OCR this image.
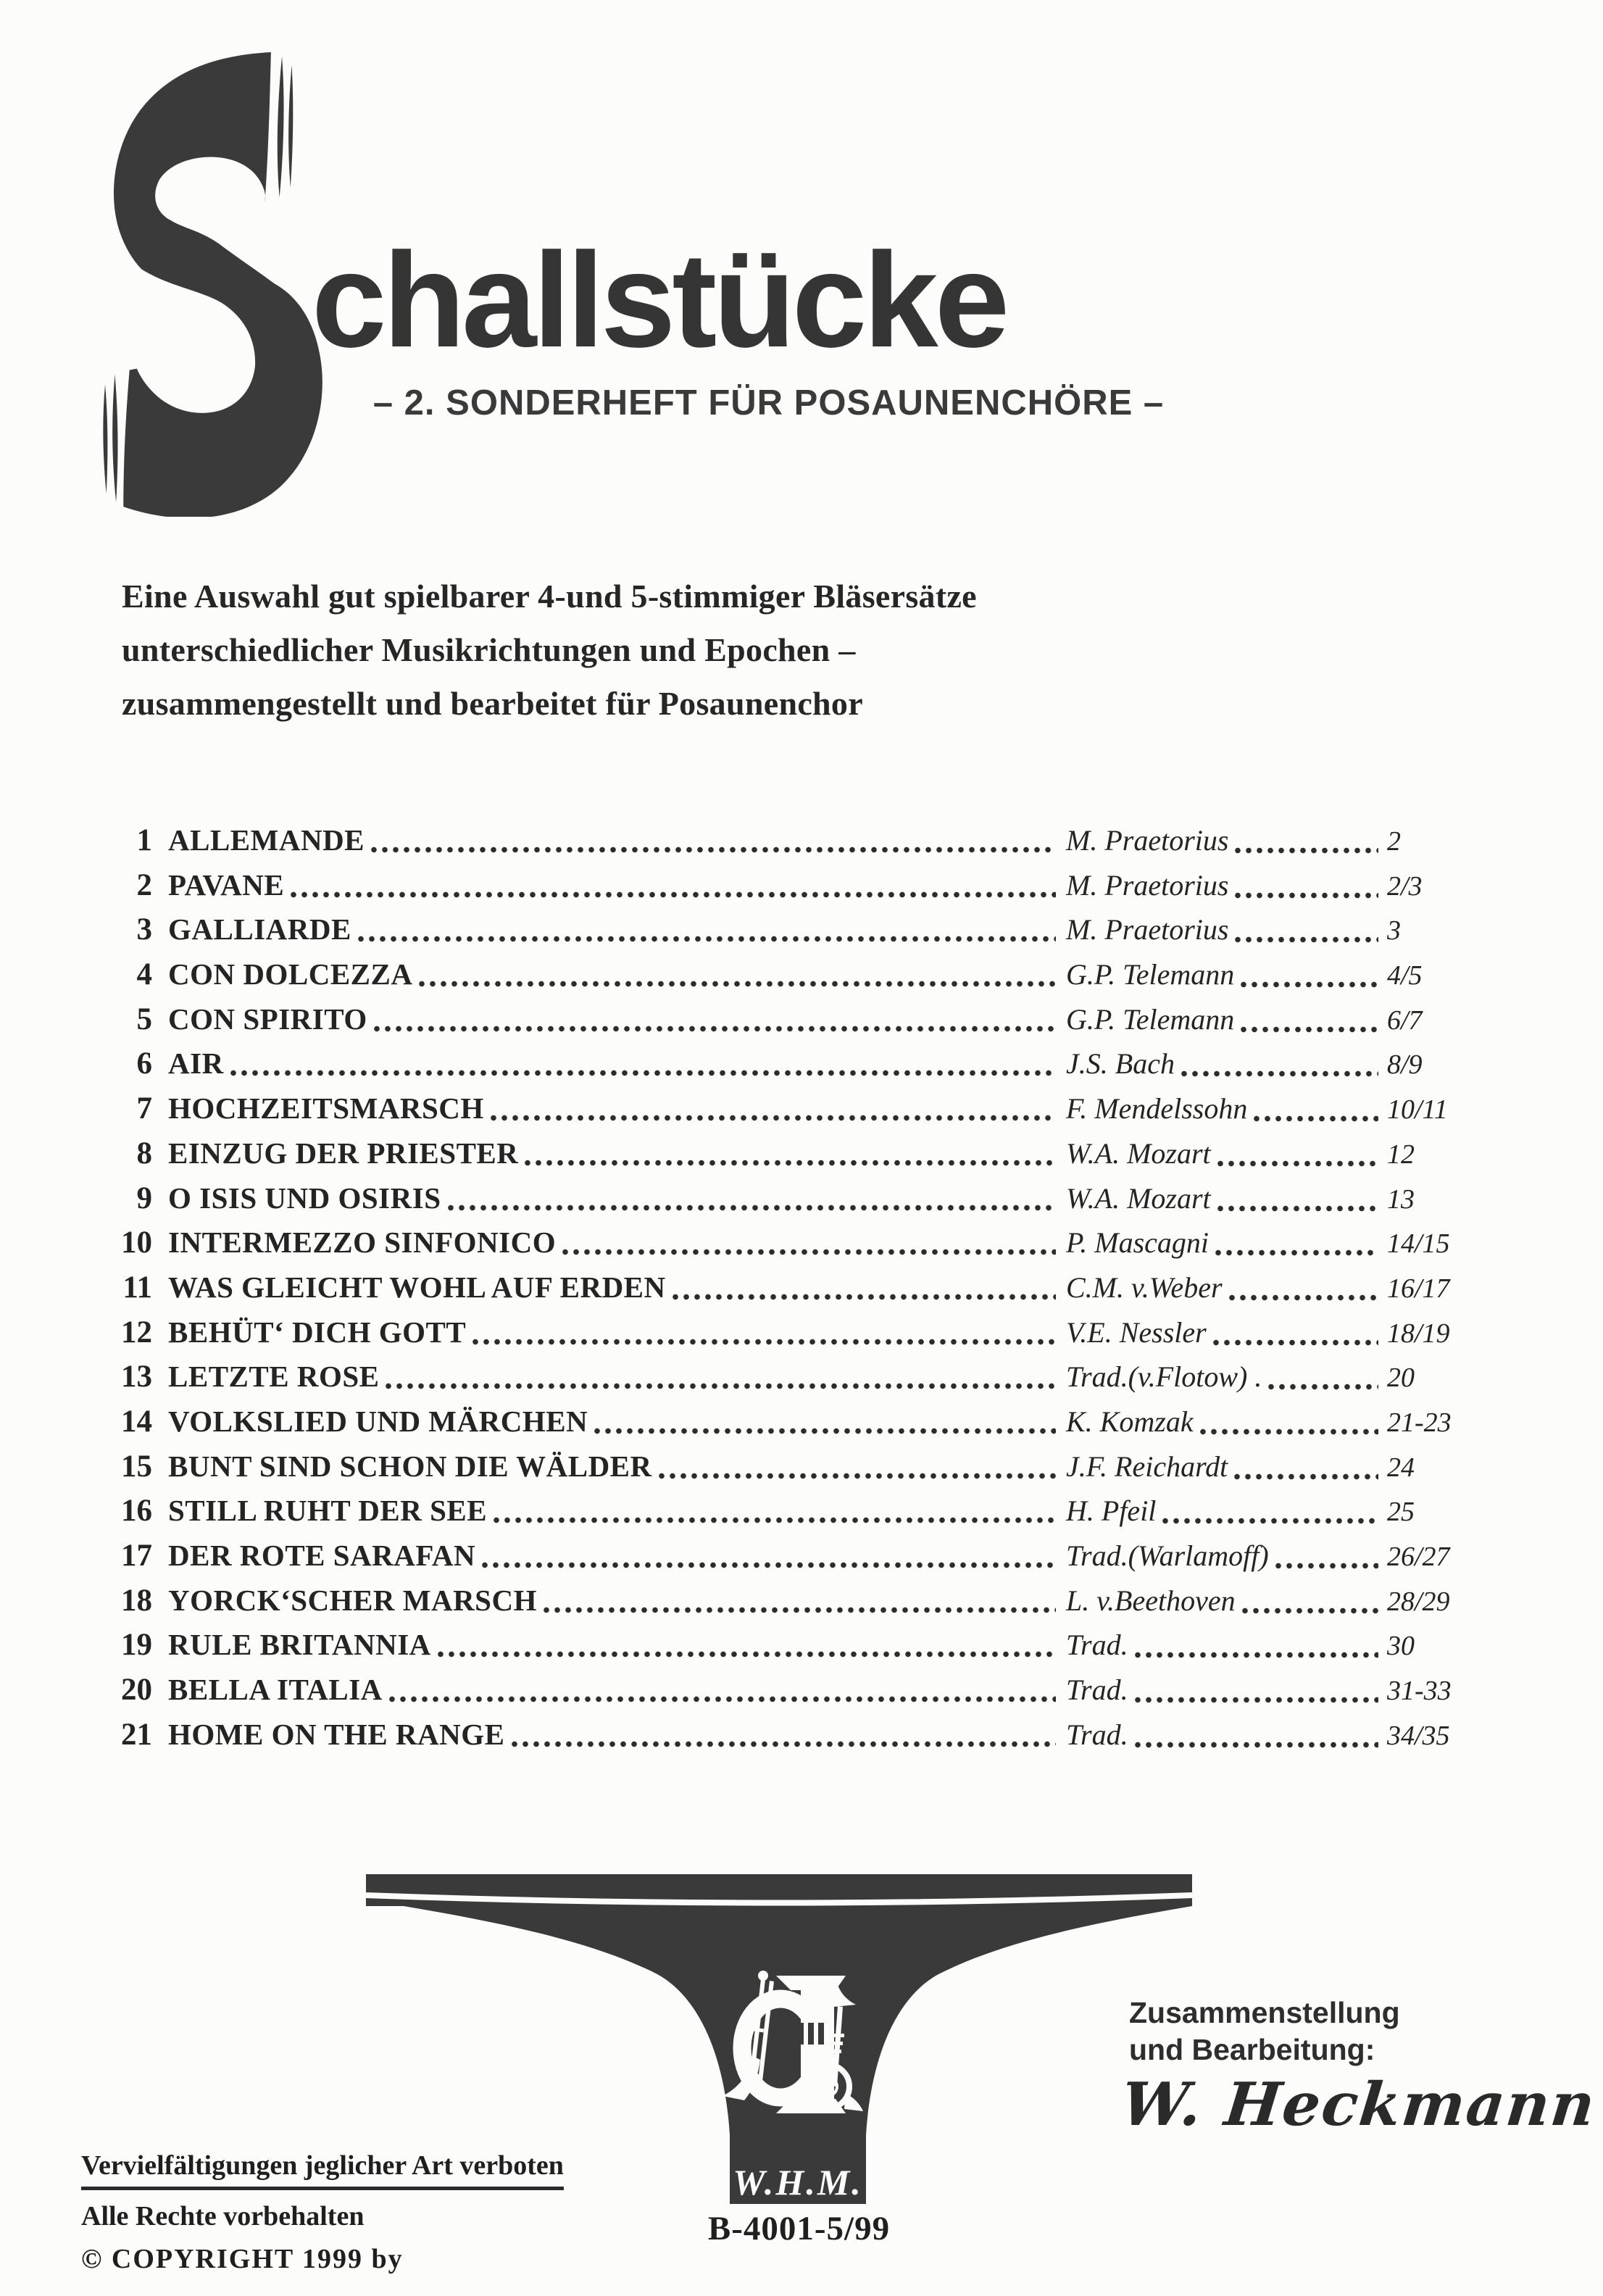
challstücke
– 2. SONDERHEFT FÜR POSAUNENCHÖRE –
Eine Auswahl gut spielbarer 4-und 5-stimmiger Bläsersätze
unterschiedlicher Musikrichtungen und Epochen –
zusammengestellt und bearbeitet für Posaunenchor
1 ALLEMANDE	M. Praetorius	2
2 PAVANE	M. Praetorius	2/3
3 GALLIARDE	M. Praetorius	3
4 CON DOLCEZZA	G.P. Telemann	4/5
5 CON SPIRITO	G.P. Telemann	6/7
6 AIR	J.S. Bach	8/9
7 HOCHZEITSMARSCH	F. Mendelssohn	10/11
8 EINZUG DER PRIESTER	W.A. Mozart	12
9 O ISIS UND OSIRIS	W.A. Mozart	13
10 INTERMEZZO SINFONICO	P. Mascagni	14/15
11 WAS GLEICHT WOHL AUF ERDEN	C.M. v.Weber	16/17
12 BEHÜT‘ DICH GOTT	V.E. Nessler	18/19
13 LETZTE ROSE	Trad.(v.Flotow) .	20
14 VOLKSLIED UND MÄRCHEN	K. Komzak	21-23
15 BUNT SIND SCHON DIE WÄLDER	J.F. Reichardt	24
16 STILL RUHT DER SEE	H. Pfeil	25
17 DER ROTE SARAFAN	Trad.(Warlamoff)	26/27
18 YORCK‘SCHER MARSCH	L. v.Beethoven	28/29
19 RULE BRITANNIA	Trad.	30
20 BELLA ITALIA	Trad.	31-33
21 HOME ON THE RANGE	Trad.	34/35
W.H.M.
B-4001-5/99
Vervielfältigungen jeglicher Art verboten
Alle Rechte vorbehalten
© COPYRIGHT 1999 by
Zusammenstellung
und Bearbeitung:
W. Heckmann
